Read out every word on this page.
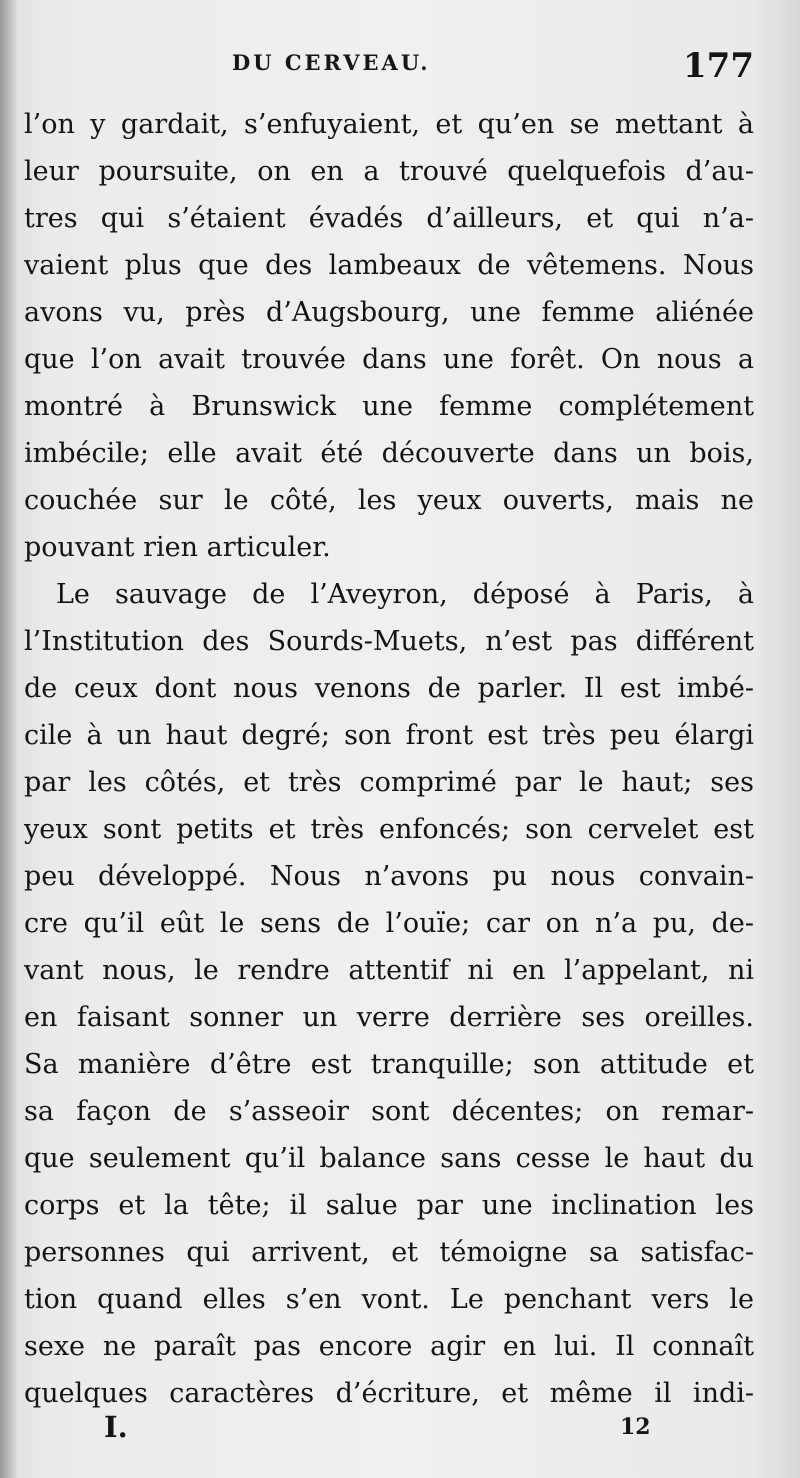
DU CERVEAU.	177
l’on y gardait, s’enfuyaient, et qu’en se mettant à
leur poursuite, on en a trouvé quelquefois d’au-
tres qui s’étaient évadés d’ailleurs, et qui n’a-
vaient plus que des lambeaux de vêtemens. Nous
avons vu, près d’Augsbourg, une femme aliénée
que l’on avait trouvée dans une forêt. On nous a
montré à Brunswick une femme complétement
imbécile; elle avait été découverte dans un bois,
couchée sur le côté, les yeux ouverts, mais ne
pouvant rien articuler.
Le sauvage de l’Aveyron, déposé à Paris, à
l’Institution des Sourds-Muets, n’est pas différent
de ceux dont nous venons de parler. Il est imbé-
cile à un haut degré; son front est très peu élargi
par les côtés, et très comprimé par le haut; ses
yeux sont petits et très enfoncés; son cervelet est
peu développé. Nous n’avons pu nous convain-
cre qu’il eût le sens de l’ouïe; car on n’a pu, de-
vant nous, le rendre attentif ni en l’appelant, ni
en faisant sonner un verre derrière ses oreilles.
Sa manière d’être est tranquille; son attitude et
sa façon de s’asseoir sont décentes; on remar-
que seulement qu’il balance sans cesse le haut du
corps et la tête; il salue par une inclination les
personnes qui arrivent, et témoigne sa satisfac-
tion quand elles s’en vont. Le penchant vers le
sexe ne paraît pas encore agir en lui. Il connaît
quelques caractères d’écriture, et même il indi-
I.	12
